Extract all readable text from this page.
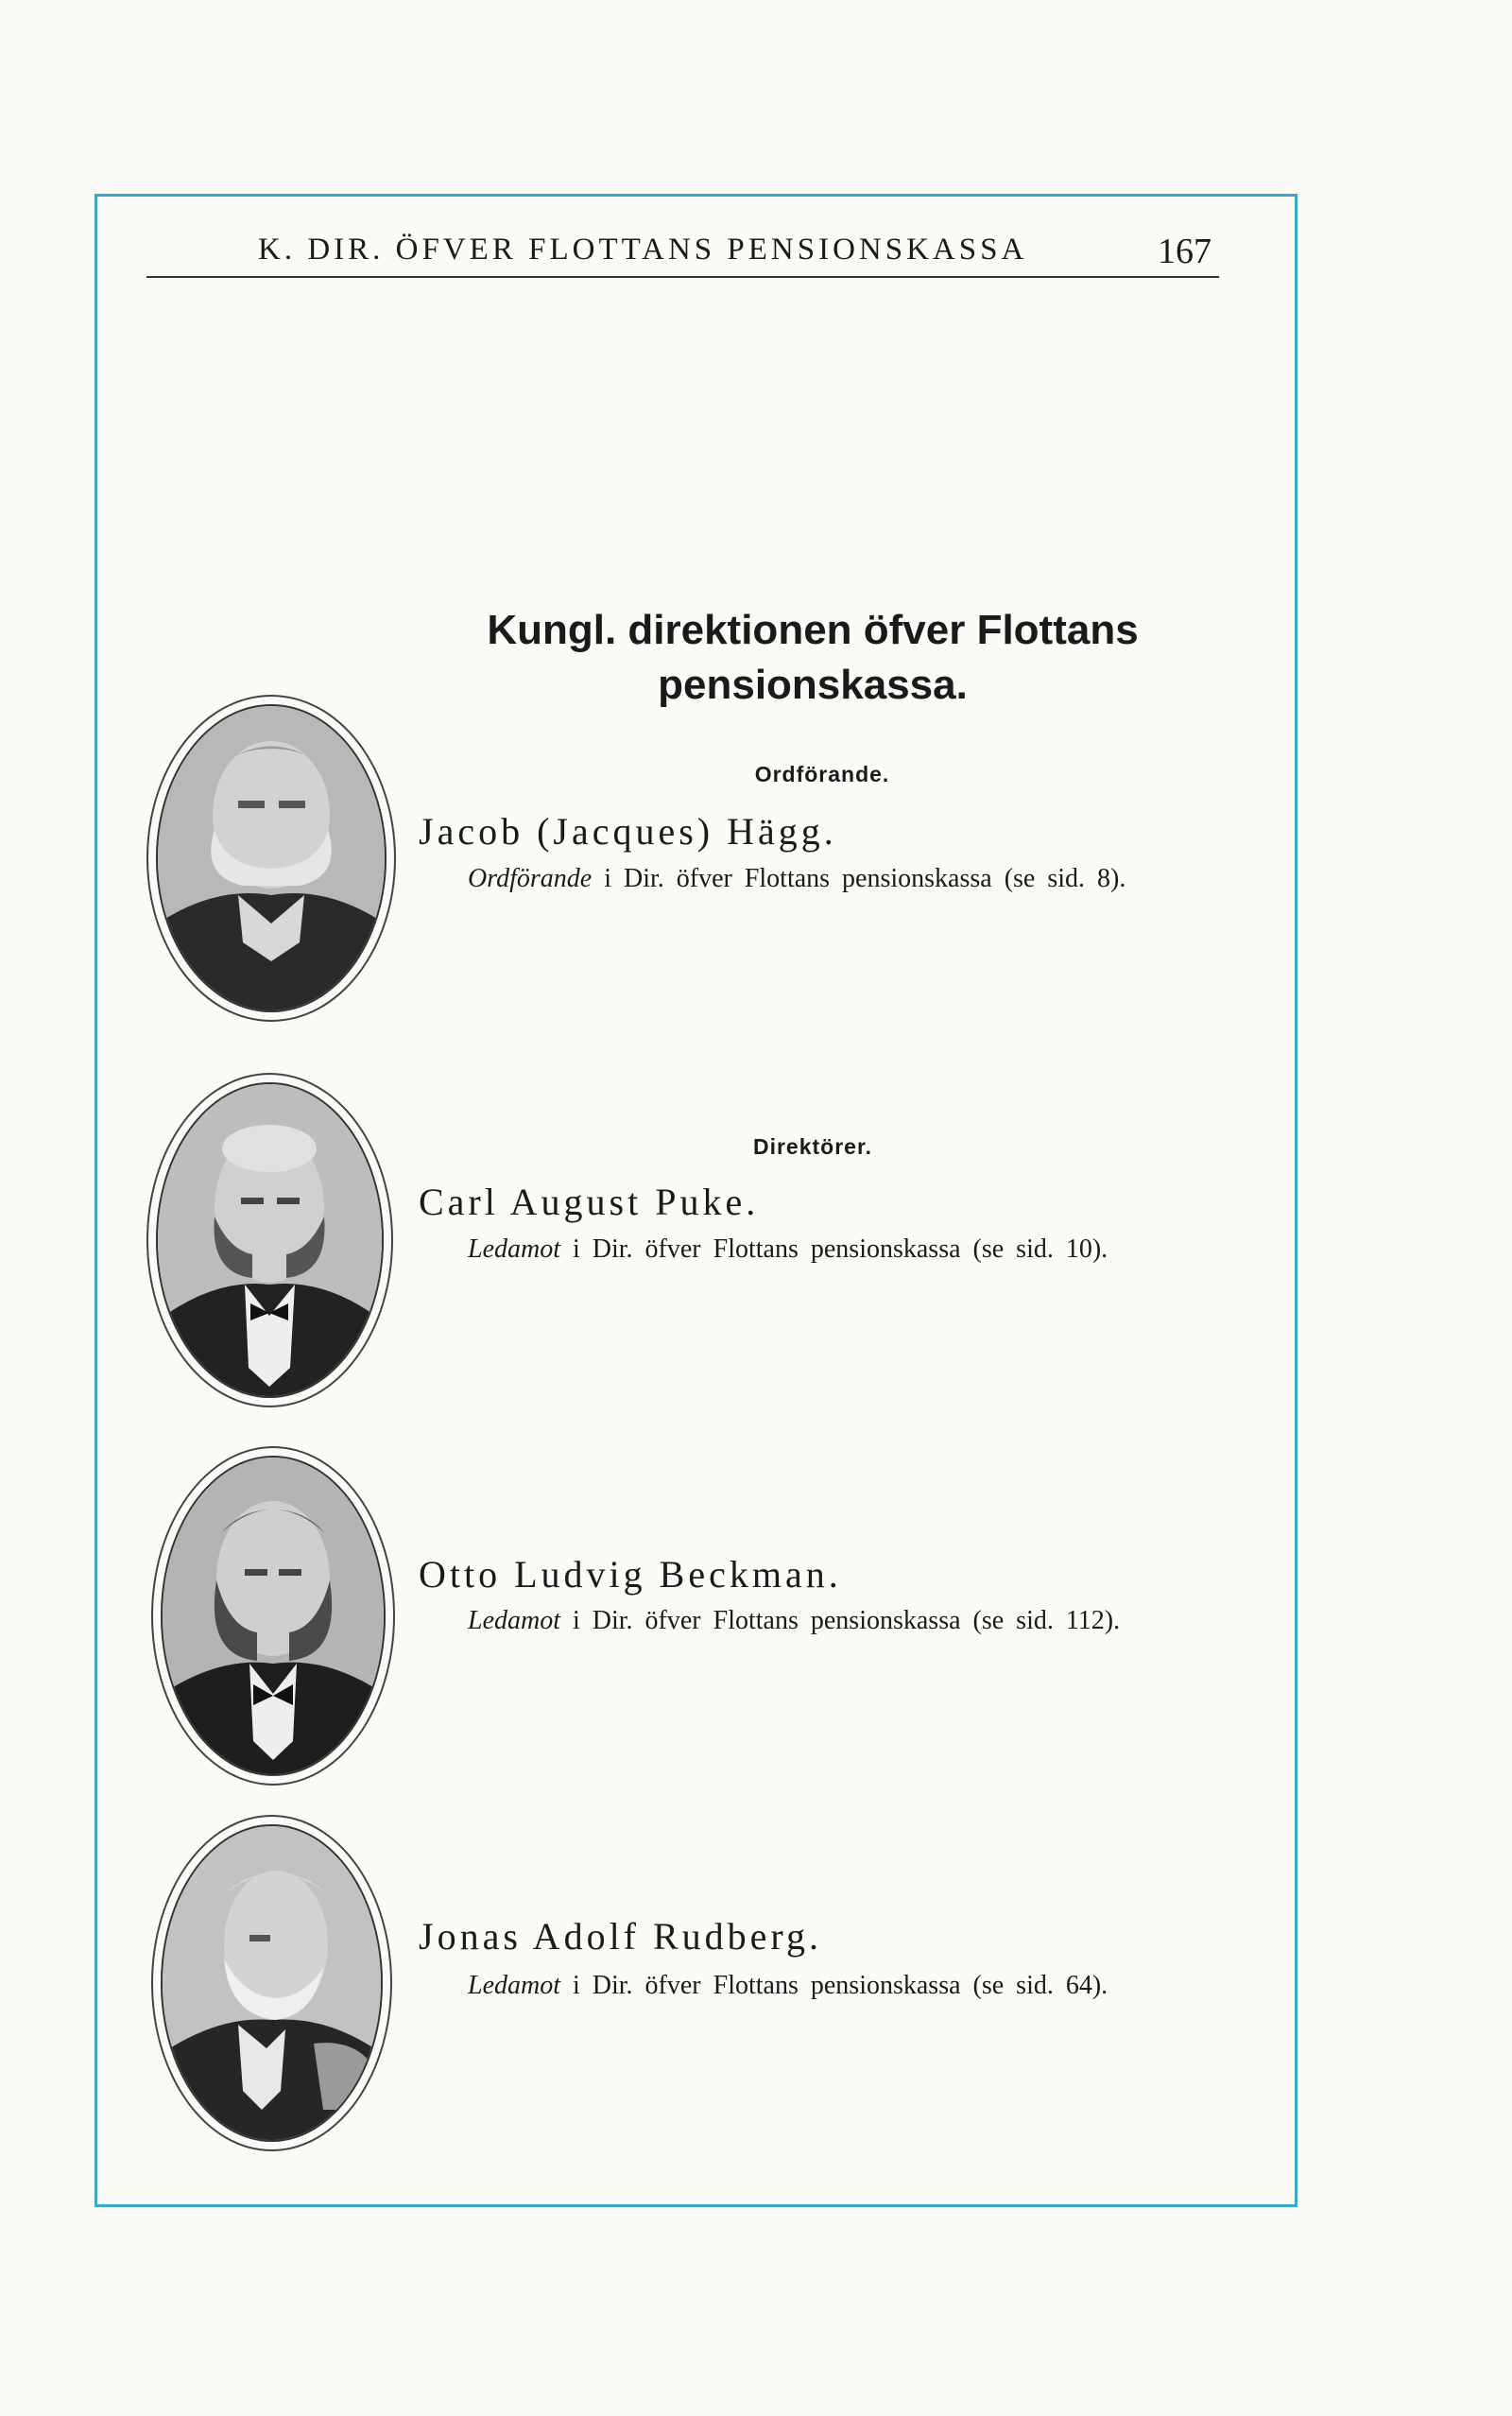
K. DIR. ÖFVER FLOTTANS PENSIONSKASSA	167
Kungl. direktionen öfver Flottans
pensionskassa.
Ordförande.
Jacob (Jacques) Hägg.
Ordförande i Dir. öfver Flottans pensionskassa (se sid. 8).
Direktörer.
Carl August Puke.
Ledamot i Dir. öfver Flottans pensionskassa (se sid. 10).
Otto Ludvig Beckman.
Ledamot i Dir. öfver Flottans pensionskassa (se sid. 112).
Jonas Adolf Rudberg.
Ledamot i Dir. öfver Flottans pensionskassa (se sid. 64).
